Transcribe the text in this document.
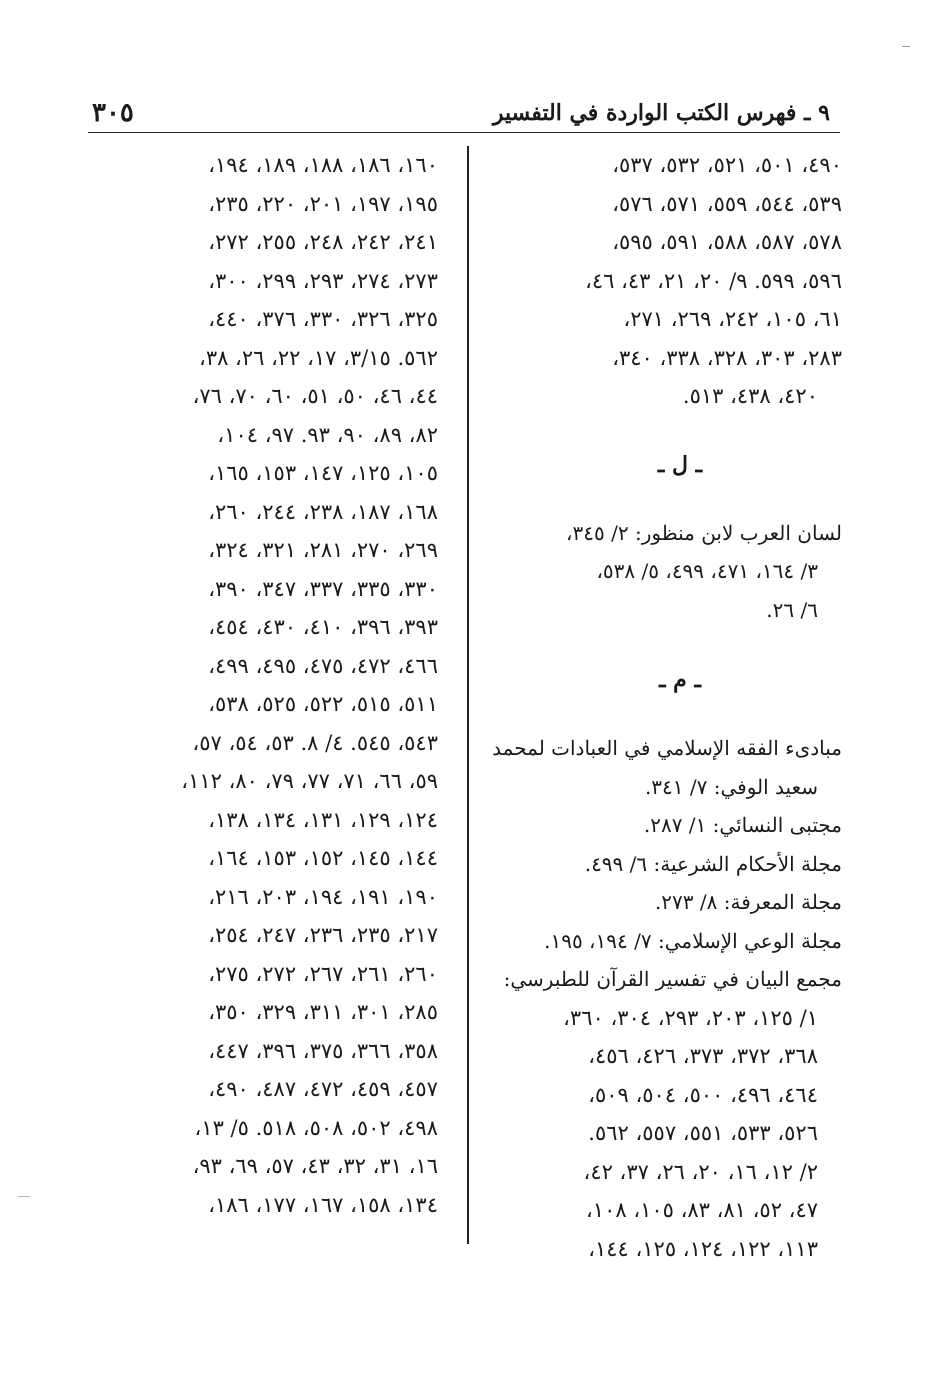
٣٠٥	٩ ـ فهرس الكتب الواردة في التفسير
٤٩٠، ٥٠١، ٥٢١، ٥٣٢، ٥٣٧،
٥٣٩، ٥٤٤، ٥٥٩، ٥٧١، ٥٧٦،
٥٧٨، ٥٨٧، ٥٨٨، ٥٩١، ٥٩٥،
٥٩٦، ٥٩٩. ٩/ ٢٠، ٢١، ٤٣، ٤٦،
٦١، ١٠٥، ٢٤٢، ٢٦٩، ٢٧١،
٢٨٣، ٣٠٣، ٣٢٨، ٣٣٨، ٣٤٠،
٤٢٠، ٤٣٨، ٥١٣.
ـ ل ـ
لسان العرب لابن منظور: ٢/ ٣٤٥،
٣/ ١٦٤، ٤٧١، ٤٩٩، ٥/ ٥٣٨،
٦/ ٢٦.
ـ م ـ
مبادىء الفقه الإسلامي في العبادات لمحمد
سعيد الوفي: ٧/ ٣٤١.
مجتبى النسائي: ١/ ٢٨٧.
مجلة الأحكام الشرعية: ٦/ ٤٩٩.
مجلة المعرفة: ٨/ ٢٧٣.
مجلة الوعي الإسلامي: ٧/ ١٩٤، ١٩٥.
مجمع البيان في تفسير القرآن للطبرسي:
١/ ١٢٥، ٢٠٣، ٢٩٣، ٣٠٤، ٣٦٠،
٣٦٨، ٣٧٢، ٣٧٣، ٤٢٦، ٤٥٦،
٤٦٤، ٤٩٦، ٥٠٠، ٥٠٤، ٥٠٩،
٥٢٦، ٥٣٣، ٥٥١، ٥٥٧، ٥٦٢.
٢/ ١٢، ١٦، ٢٠، ٢٦، ٣٧، ٤٢،
٤٧، ٥٢، ٨١، ٨٣، ١٠٥، ١٠٨،
١١٣، ١٢٢، ١٢٤، ١٢٥، ١٤٤،
١٦٠، ١٨٦، ١٨٨، ١٨٩، ١٩٤،
١٩٥، ١٩٧، ٢٠١، ٢٢٠، ٢٣٥،
٢٤١، ٢٤٢، ٢٤٨، ٢٥٥، ٢٧٢،
٢٧٣، ٢٧٤، ٢٩٣، ٢٩٩، ٣٠٠،
٣٢٥، ٣٢٦، ٣٣٠، ٣٧٦، ٤٤٠،
٥٦٢. ٣/١٥، ١٧، ٢٢، ٢٦، ٣٨،
٤٤، ٤٦، ٥٠، ٥١، ٦٠، ٧٠، ٧٦،
٨٢، ٨٩، ٩٠، ٩٣. ٩٧، ١٠٤،
١٠٥، ١٢٥، ١٤٧، ١٥٣، ١٦٥،
١٦٨، ١٨٧، ٢٣٨، ٢٤٤، ٢٦٠،
٢٦٩، ٢٧٠، ٢٨١، ٣٢١، ٣٢٤،
٣٣٠، ٣٣٥، ٣٣٧، ٣٤٧، ٣٩٠،
٣٩٣، ٣٩٦، ٤١٠، ٤٣٠، ٤٥٤،
٤٦٦، ٤٧٢، ٤٧٥، ٤٩٥، ٤٩٩،
٥١١، ٥١٥، ٥٢٢، ٥٢٥، ٥٣٨،
٥٤٣، ٥٤٥. ٤/ ٨. ٥٣، ٥٤، ٥٧،
٥٩، ٦٦، ٧١، ٧٧، ٧٩، ٨٠، ١١٢،
١٢٤، ١٢٩، ١٣١، ١٣٤، ١٣٨،
١٤٤، ١٤٥، ١٥٢، ١٥٣، ١٦٤،
١٩٠، ١٩١، ١٩٤، ٢٠٣، ٢١٦،
٢١٧، ٢٣٥، ٢٣٦، ٢٤٧، ٢٥٤،
٢٦٠، ٢٦١، ٢٦٧، ٢٧٢، ٢٧٥،
٢٨٥، ٣٠١، ٣١١، ٣٢٩، ٣٥٠،
٣٥٨، ٣٦٦، ٣٧٥، ٣٩٦، ٤٤٧،
٤٥٧، ٤٥٩، ٤٧٢، ٤٨٧، ٤٩٠،
٤٩٨، ٥٠٢، ٥٠٨، ٥١٨. ٥/ ١٣،
١٦، ٣١، ٣٢، ٤٣، ٥٧، ٦٩، ٩٣،
١٣٤، ١٥٨، ١٦٧، ١٧٧، ١٨٦،
